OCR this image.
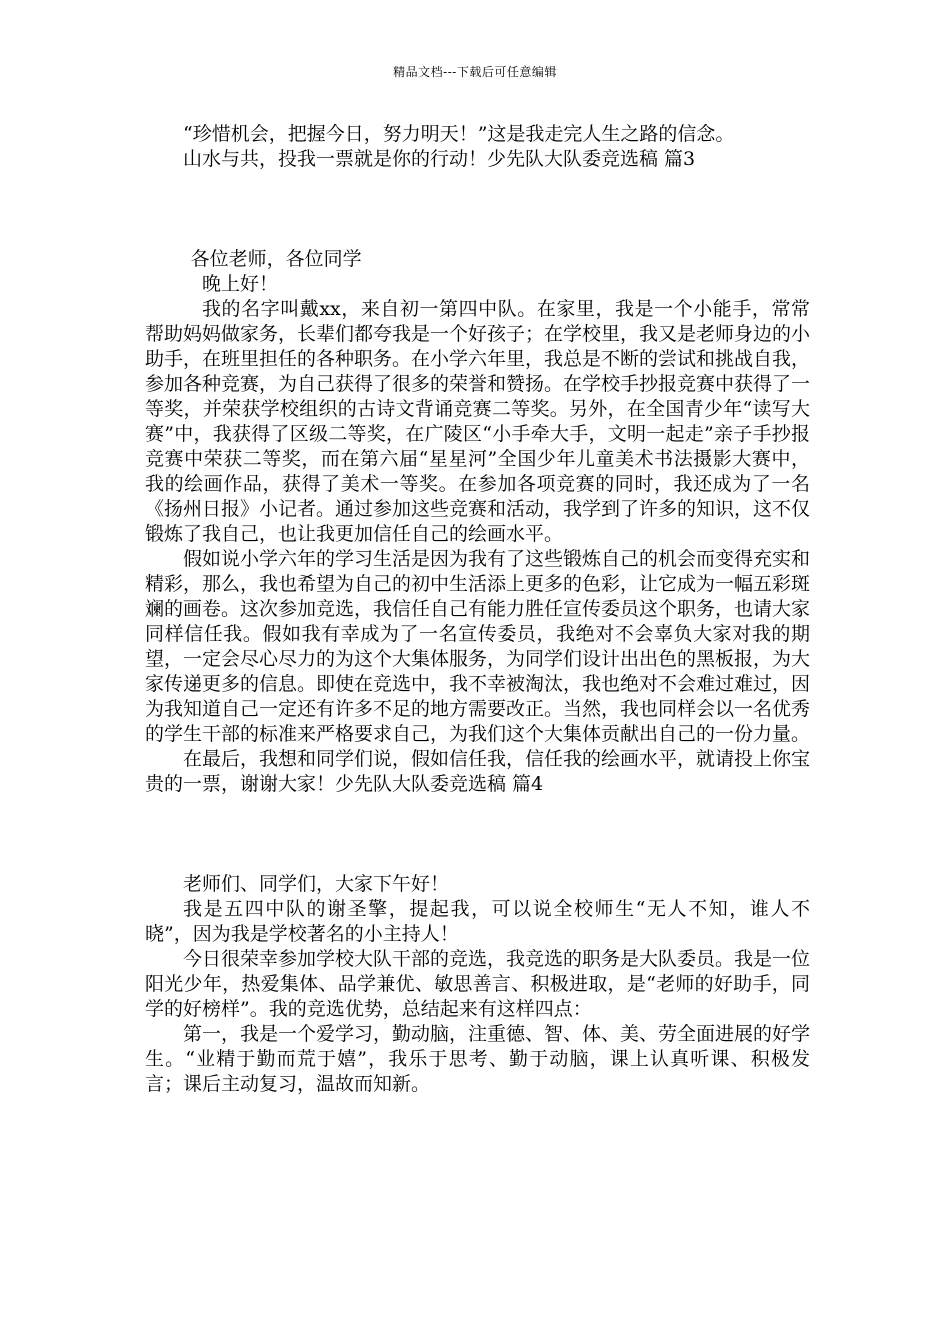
精品文档---下载后可任意编辑

“珍惜机会，把握今日，努力明天！”这是我走完人生之路的信念。

山水与共，投我一票就是你的行动！少先队大队委竞选稿 篇3

各位老师，各位同学

晚上好！

我的名字叫戴xx，来自初一第四中队。在家里，我是一个小能手，常常帮助妈妈做家务，长辈们都夸我是一个好孩子；在学校里，我又是老师身边的小助手，在班里担任的各种职务。在小学六年里，我总是不断的尝试和挑战自我，参加各种竞赛，为自己获得了很多的荣誉和赞扬。在学校手抄报竞赛中获得了一等奖，并荣获学校组织的古诗文背诵竞赛二等奖。另外，在全国青少年“读写大赛”中，我获得了区级二等奖，在广陵区“小手牵大手，文明一起走”亲子手抄报竞赛中荣获二等奖，而在第六届“星星河”全国少年儿童美术书法摄影大赛中，我的绘画作品，获得了美术一等奖。在参加各项竞赛的同时，我还成为了一名《扬州日报》小记者。通过参加这些竞赛和活动，我学到了许多的知识，这不仅锻炼了我自己，也让我更加信任自己的绘画水平。

假如说小学六年的学习生活是因为我有了这些锻炼自己的机会而变得充实和精彩，那么，我也希望为自己的初中生活添上更多的色彩，让它成为一幅五彩斑斓的画卷。这次参加竞选，我信任自己有能力胜任宣传委员这个职务，也请大家同样信任我。假如我有幸成为了一名宣传委员，我绝对不会辜负大家对我的期望，一定会尽心尽力的为这个大集体服务，为同学们设计出出色的黑板报，为大家传递更多的信息。即使在竞选中，我不幸被淘汰，我也绝对不会难过难过，因为我知道自己一定还有许多不足的地方需要改正。当然，我也同样会以一名优秀的学生干部的标准来严格要求自己，为我们这个大集体贡献出自己的一份力量。

在最后，我想和同学们说，假如信任我，信任我的绘画水平，就请投上你宝贵的一票，谢谢大家！少先队大队委竞选稿 篇4

老师们、同学们，大家下午好！

我是五四中队的谢圣擎，提起我，可以说全校师生“无人不知，谁人不晓”，因为我是学校著名的小主持人！

今日很荣幸参加学校大队干部的竞选，我竞选的职务是大队委员。我是一位阳光少年，热爱集体、品学兼优、敏思善言、积极进取，是“老师的好助手，同学的好榜样”。我的竞选优势，总结起来有这样四点：

第一，我是一个爱学习，勤动脑，注重德、智、体、美、劳全面进展的好学生。“业精于勤而荒于嬉”，我乐于思考、勤于动脑，课上认真听课、积极发言；课后主动复习，温故而知新。
